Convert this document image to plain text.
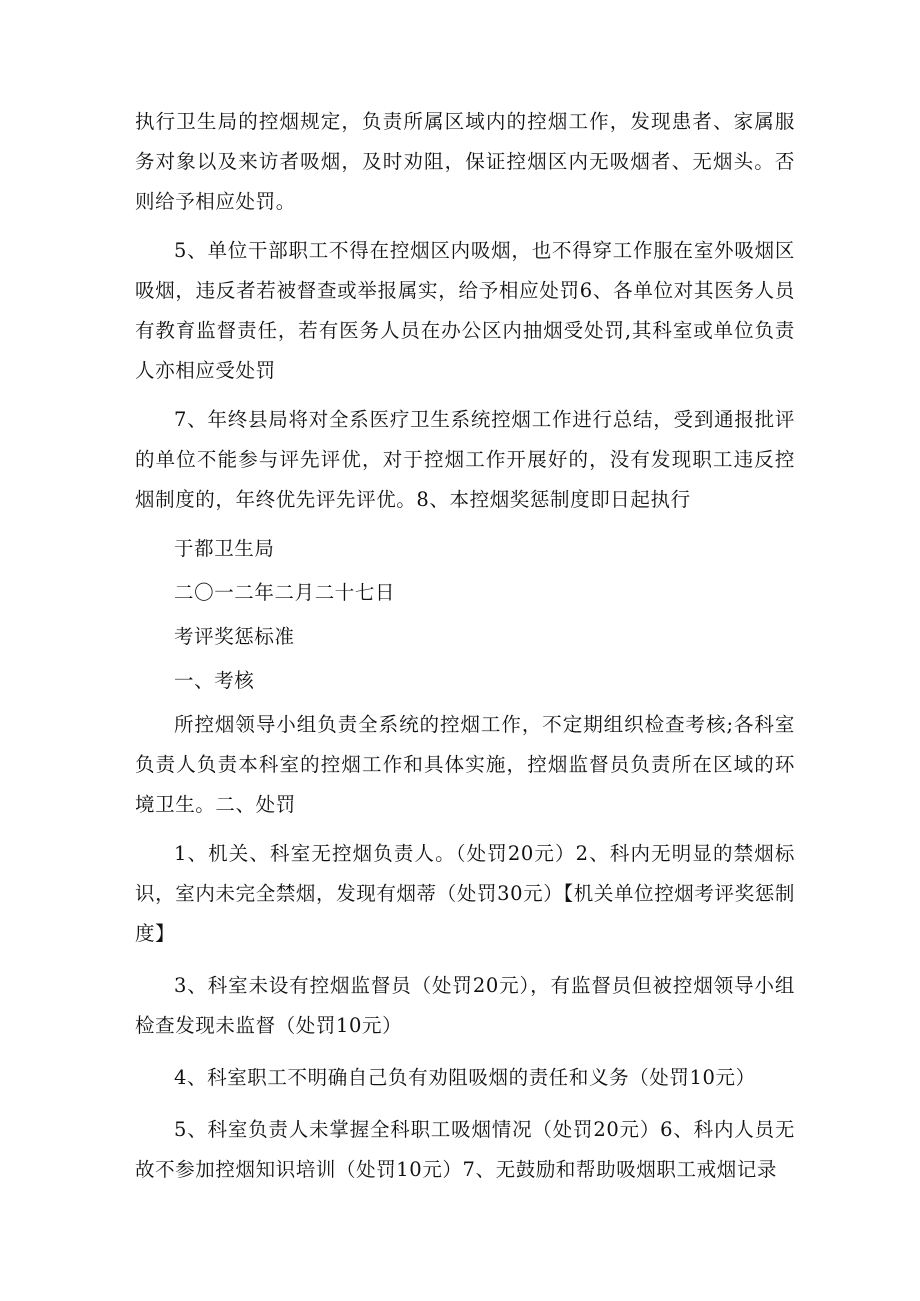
执行卫生局的控烟规定，负责所属区域内的控烟工作，发现患者、家属服务对象以及来访者吸烟，及时劝阻，保证控烟区内无吸烟者、无烟头。否则给予相应处罚。

5、单位干部职工不得在控烟区内吸烟，也不得穿工作服在室外吸烟区吸烟，违反者若被督查或举报属实，给予相应处罚6、各单位对其医务人员有教育监督责任，若有医务人员在办公区内抽烟受处罚,其科室或单位负责人亦相应受处罚

7、年终县局将对全系医疗卫生系统控烟工作进行总结，受到通报批评的单位不能参与评先评优，对于控烟工作开展好的，没有发现职工违反控烟制度的，年终优先评先评优。8、本控烟奖惩制度即日起执行

于都卫生局

二〇一二年二月二十七日

考评奖惩标准

一、考核

所控烟领导小组负责全系统的控烟工作，不定期组织检查考核;各科室负责人负责本科室的控烟工作和具体实施，控烟监督员负责所在区域的环境卫生。二、处罚

1、机关、科室无控烟负责人。（处罚20元）2、科内无明显的禁烟标识，室内未完全禁烟，发现有烟蒂（处罚30元）【机关单位控烟考评奖惩制度】

3、科室未设有控烟监督员（处罚20元），有监督员但被控烟领导小组检查发现未监督（处罚10元）

4、科室职工不明确自己负有劝阻吸烟的责任和义务（处罚10元）

5、科室负责人未掌握全科职工吸烟情况（处罚20元）6、科内人员无故不参加控烟知识培训（处罚10元）7、无鼓励和帮助吸烟职工戒烟记录
